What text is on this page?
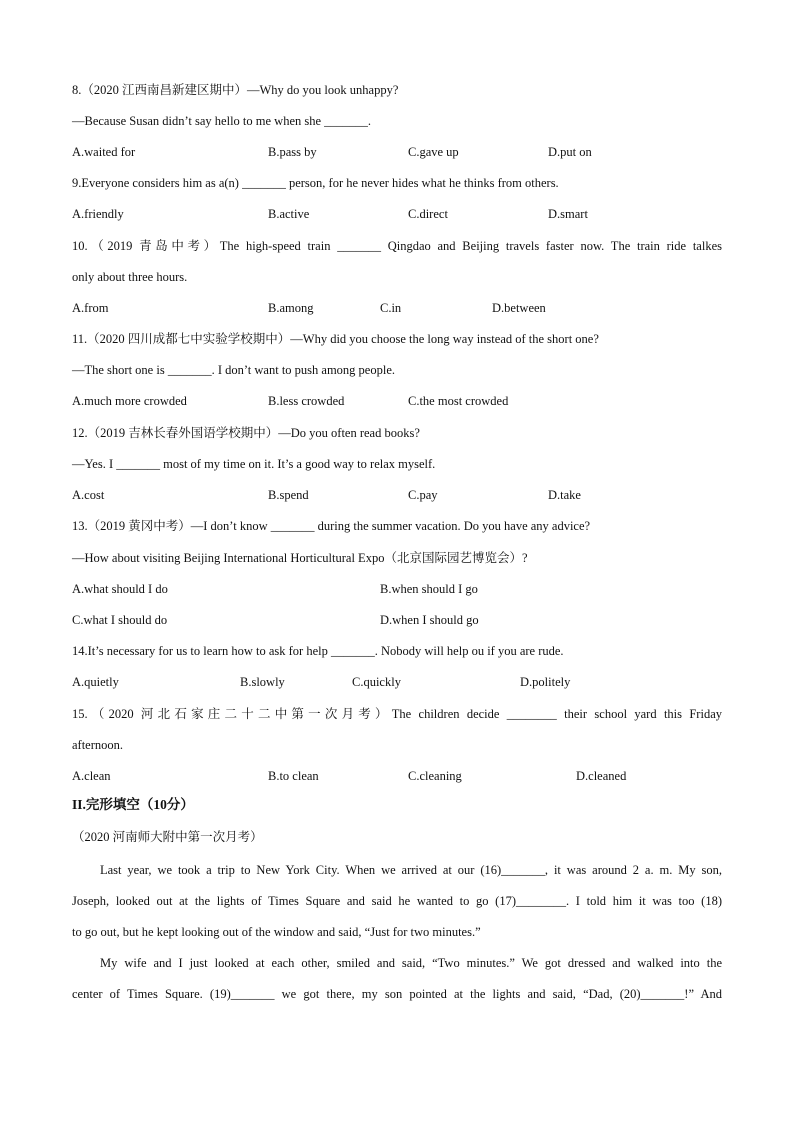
8.（2020 江西南昌新建区期中）—Why do you look unhappy?
—Because Susan didn’t say hello to me when she _______.
A.waited for	B.pass by	C.gave up	D.put on
9.Everyone considers him as a(n) _______ person, for he never hides what he thinks from others.
A.friendly	B.active	C.direct	D.smart
10.（2019 青岛中考）The high-speed train _______ Qingdao and Beijing travels faster now. The train ride talkes
only about three hours.
A.from	B.among	C.in	D.between
11.（2020 四川成都七中实验学校期中）—Why did you choose the long way instead of the short one?
—The short one is _______. I don’t want to push among people.
A.much more crowded	B.less crowded	C.the most crowded
12.（2019 吉林长春外国语学校期中）—Do you often read books?
—Yes. I _______ most of my time on it. It’s a good way to relax myself.
A.cost	B.spend	C.pay	D.take
13.（2019 黄冈中考）—I don’t know _______ during the summer vacation. Do you have any advice?
—How about visiting Beijing International Horticultural Expo（北京国际园艺博览会）?
A.what should I do	B.when should I go
C.what I should do	D.when I should go
14.It’s necessary for us to learn how to ask for help _______. Nobody will help ou if you are rude.
A.quietly	B.slowly	C.quickly	D.politely
15.（2020 河北石家庄二十二中第一次月考）The children decide ________ their school yard this Friday
afternoon.
A.clean	B.to clean	C.cleaning	D.cleaned
II.完形填空（10分）
（2020 河南师大附中第一次月考）
Last year, we took a trip to New York City. When we arrived at our (16)_______, it was around 2 a. m. My son,
Joseph, looked out at the lights of Times Square and said he wanted to go (17)________. I told him it was too (18)
to go out, but he kept looking out of the window and said, “Just for two minutes.”
My wife and I just looked at each other, smiled and said, “Two minutes.” We got dressed and walked into the
center of Times Square. (19)_______ we got there, my son pointed at the lights and said, “Dad, (20)_______!” And
